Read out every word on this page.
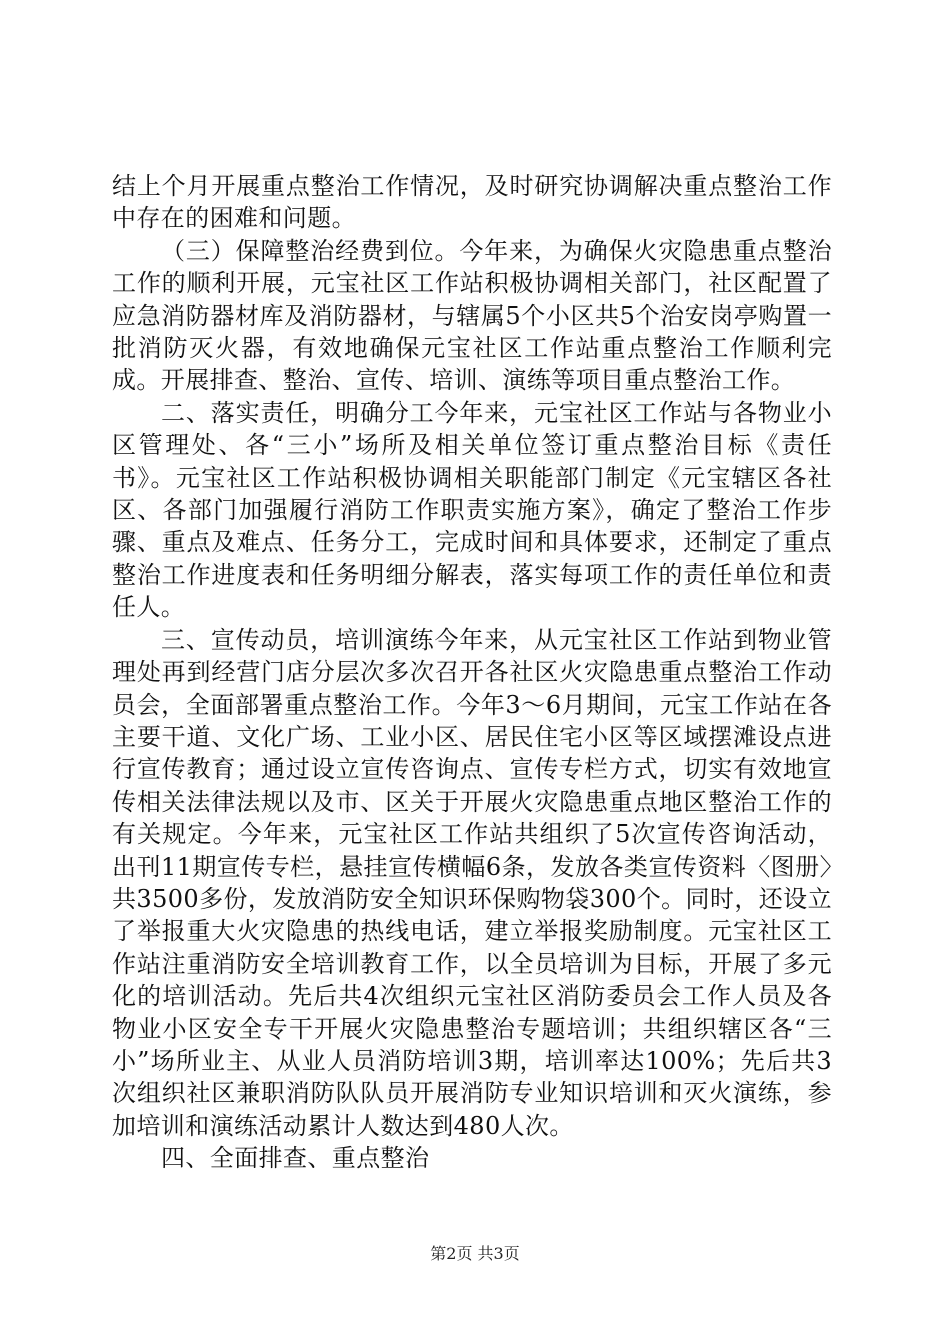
结上个月开展重点整治工作情况，及时研究协调解决重点整治工作中存在的困难和问题。

（三）保障整治经费到位。今年来，为确保火灾隐患重点整治工作的顺利开展，元宝社区工作站积极协调相关部门，社区配置了应急消防器材库及消防器材，与辖属5个小区共5个治安岗亭购置一批消防灭火器，有效地确保元宝社区工作站重点整治工作顺利完成。开展排查、整治、宣传、培训、演练等项目重点整治工作。

二、落实责任，明确分工今年来，元宝社区工作站与各物业小区管理处、各“三小”场所及相关单位签订重点整治目标《责任书》。元宝社区工作站积极协调相关职能部门制定《元宝辖区各社区、各部门加强履行消防工作职责实施方案》，确定了整治工作步骤、重点及难点、任务分工，完成时间和具体要求，还制定了重点整治工作进度表和任务明细分解表，落实每项工作的责任单位和责任人。

三、宣传动员，培训演练今年来，从元宝社区工作站到物业管理处再到经营门店分层次多次召开各社区火灾隐患重点整治工作动员会，全面部署重点整治工作。今年3～6月期间，元宝工作站在各主要干道、文化广场、工业小区、居民住宅小区等区域摆滩设点进行宣传教育；通过设立宣传咨询点、宣传专栏方式，切实有效地宣传相关法律法规以及市、区关于开展火灾隐患重点地区整治工作的有关规定。今年来，元宝社区工作站共组织了5次宣传咨询活动，出刊11期宣传专栏，悬挂宣传横幅6条，发放各类宣传资料〈图册〉共3500多份，发放消防安全知识环保购物袋300个。同时，还设立了举报重大火灾隐患的热线电话，建立举报奖励制度。元宝社区工作站注重消防安全培训教育工作，以全员培训为目标，开展了多元化的培训活动。先后共4次组织元宝社区消防委员会工作人员及各物业小区安全专干开展火灾隐患整治专题培训；共组织辖区各“三小”场所业主、从业人员消防培训3期，培训率达100%；先后共3次组织社区兼职消防队队员开展消防专业知识培训和灭火演练，参加培训和演练活动累计人数达到480人次。

四、全面排查、重点整治

第2页 共3页
